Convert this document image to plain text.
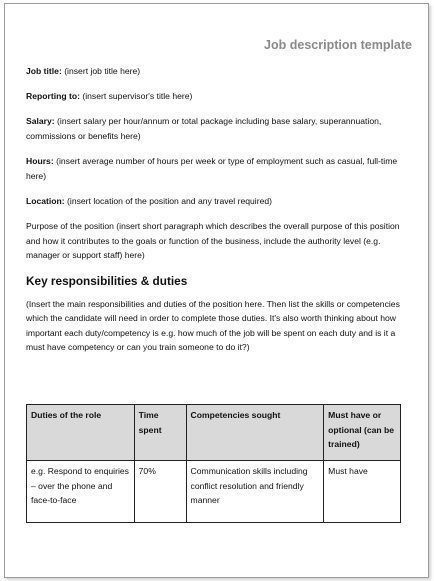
Job description template

Job title: (insert job title here)

Reporting to: (insert supervisor's title here)

Salary: (insert salary per hour/annum or total package including base salary, superannuation, commissions or benefits here)

Hours: (insert average number of hours per week or type of employment such as casual, full-time here)

Location: (insert location of the position and any travel required)

Purpose of the position (insert short paragraph which describes the overall purpose of this position and how it contributes to the goals or function of the business, include the authority level (e.g. manager or support staff) here)

Key responsibilities & duties

(Insert the main responsibilities and duties of the position here. Then list the skills or competencies which the candidate will need in order to complete those duties. It's also worth thinking about how important each duty/competency is e.g. how much of the job will be spent on each duty and is it a must have competency or can you train someone to do it?)

Duties of the role	Time spent	Competencies sought	Must have or optional (can be trained)
e.g. Respond to enquiries – over the phone and face-to-face	70%	Communication skills including conflict resolution and friendly manner	Must have
